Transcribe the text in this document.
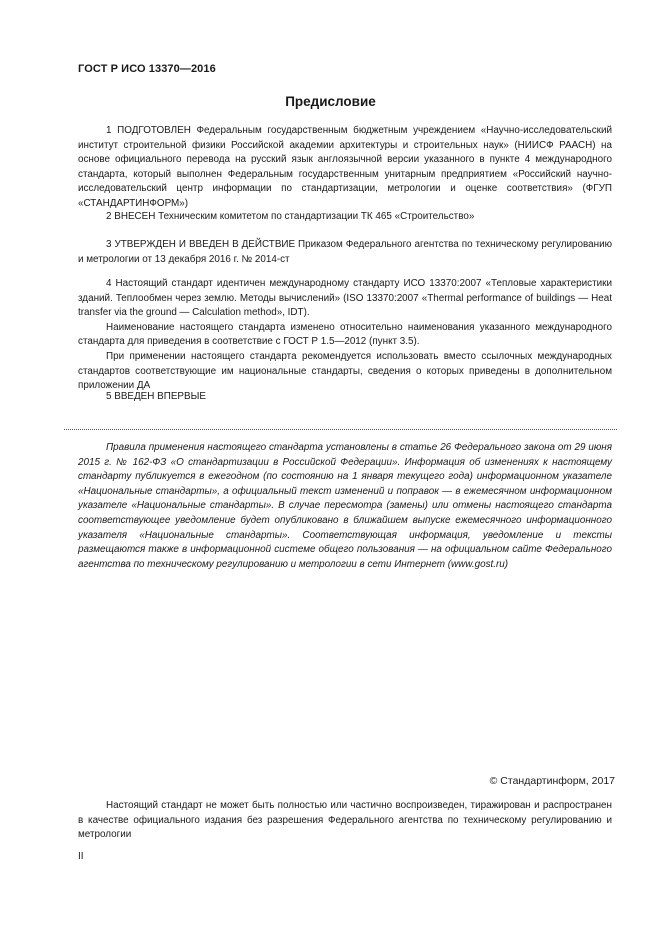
ГОСТ Р ИСО 13370—2016
Предисловие

1 ПОДГОТОВЛЕН Федеральным государственным бюджетным учреждением «Научно-исследовательский институт строительной физики Российской академии архитектуры и строительных наук» (НИИСФ РААСН) на основе официального перевода на русский язык англоязычной версии указанного в пункте 4 международного стандарта, который выполнен Федеральным государственным унитарным предприятием «Российский научно-исследовательский центр информации по стандартизации, метрологии и оценке соответствия» (ФГУП «СТАНДАРТИНФОРМ»)

2 ВНЕСЕН Техническим комитетом по стандартизации ТК 465 «Строительство»

3 УТВЕРЖДЕН И ВВЕДЕН В ДЕЙСТВИЕ Приказом Федерального агентства по техническому регулированию и метрологии от 13 декабря 2016 г. № 2014-ст

4 Настоящий стандарт идентичен международному стандарту ИСО 13370:2007 «Тепловые характеристики зданий. Теплообмен через землю. Методы вычислений» (ISO 13370:2007 «Thermal performance of buildings — Heat transfer via the ground — Calculation method», IDT).

Наименование настоящего стандарта изменено относительно наименования указанного международного стандарта для приведения в соответствие с ГОСТ Р 1.5—2012 (пункт 3.5).

При применении настоящего стандарта рекомендуется использовать вместо ссылочных международных стандартов соответствующие им национальные стандарты, сведения о которых приведены в дополнительном приложении ДА

5 ВВЕДЕН ВПЕРВЫЕ

Правила применения настоящего стандарта установлены в статье 26 Федерального закона от 29 июня 2015 г. № 162-ФЗ «О стандартизации в Российской Федерации». Информация об изменениях к настоящему стандарту публикуется в ежегодном (по состоянию на 1 января текущего года) информационном указателе «Национальные стандарты», а официальный текст изменений и поправок — в ежемесячном информационном указателе «Национальные стандарты». В случае пересмотра (замены) или отмены настоящего стандарта соответствующее уведомление будет опубликовано в ближайшем выпуске ежемесячного информационного указателя «Национальные стандарты». Соответствующая информация, уведомление и тексты размещаются также в информационной системе общего пользования — на официальном сайте Федерального агентства по техническому регулированию и метрологии в сети Интернет (www.gost.ru)

© Стандартинформ, 2017

Настоящий стандарт не может быть полностью или частично воспроизведен, тиражирован и распространен в качестве официального издания без разрешения Федерального агентства по техническому регулированию и метрологии

II
